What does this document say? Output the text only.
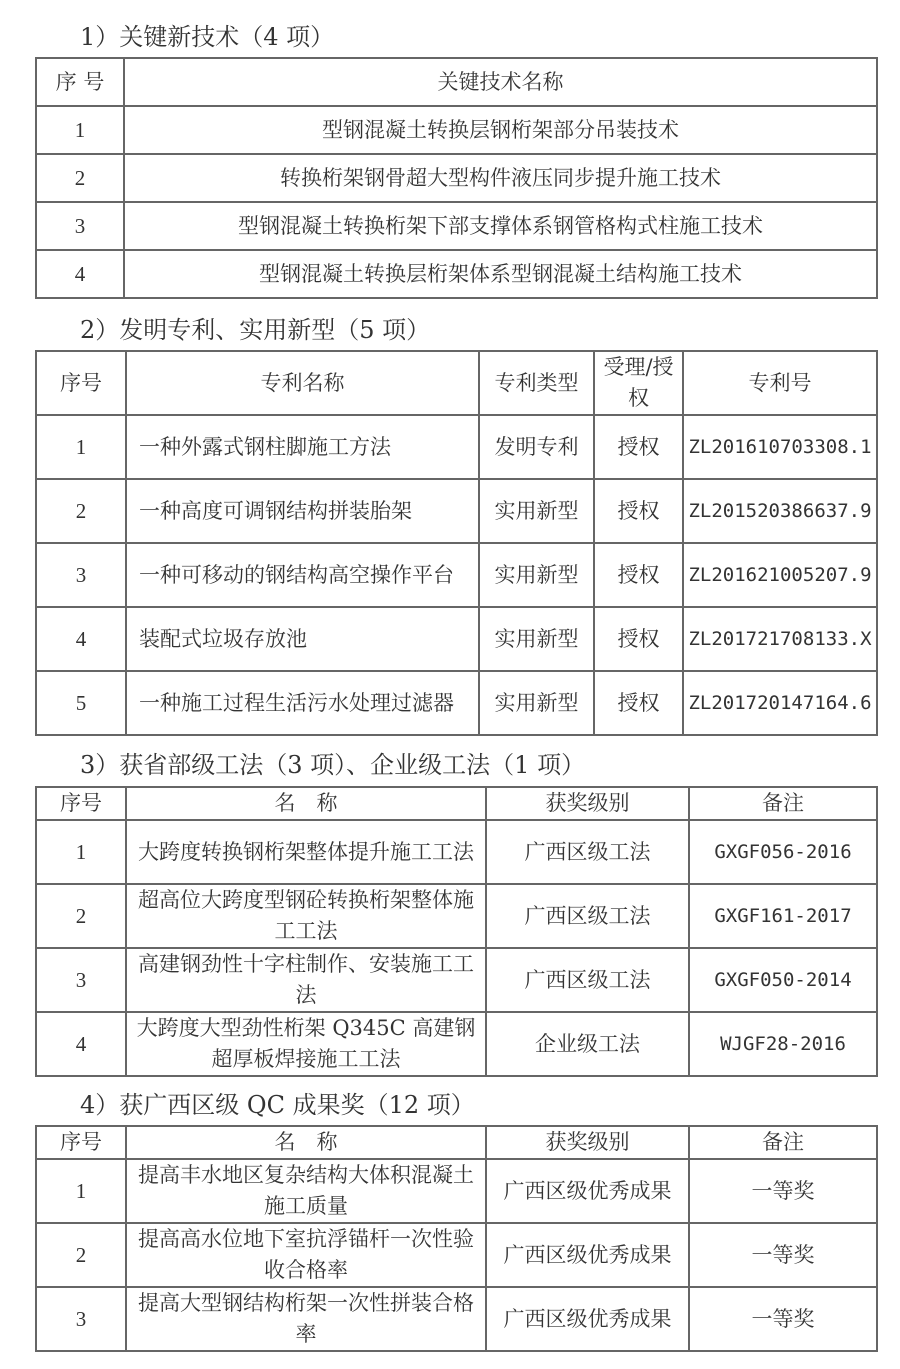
1）关键新技术（4 项）
序 号	关键技术名称
1	型钢混凝土转换层钢桁架部分吊装技术
2	转换桁架钢骨超大型构件液压同步提升施工技术
3	型钢混凝土转换桁架下部支撑体系钢管格构式柱施工技术
4	型钢混凝土转换层桁架体系型钢混凝土结构施工技术
2）发明专利、实用新型（5 项）
序号	专利名称	专利类型	受理/授权	专利号
1	一种外露式钢柱脚施工方法	发明专利	授权	ZL201610703308.1
2	一种高度可调钢结构拼装胎架	实用新型	授权	ZL201520386637.9
3	一种可移动的钢结构高空操作平台	实用新型	授权	ZL201621005207.9
4	装配式垃圾存放池	实用新型	授权	ZL201721708133.X
5	一种施工过程生活污水处理过滤器	实用新型	授权	ZL201720147164.6
3）获省部级工法（3 项）、企业级工法（1 项）
序号	名　称	获奖级别	备注
1	大跨度转换钢桁架整体提升施工工法	广西区级工法	GXGF056-2016
2	超高位大跨度型钢砼转换桁架整体施工工法	广西区级工法	GXGF161-2017
3	高建钢劲性十字柱制作、安装施工工法	广西区级工法	GXGF050-2014
4	大跨度大型劲性桁架 Q345C 高建钢超厚板焊接施工工法	企业级工法	WJGF28-2016
4）获广西区级 QC 成果奖（12 项）
序号	名　称	获奖级别	备注
1	提高丰水地区复杂结构大体积混凝土施工质量	广西区级优秀成果	一等奖
2	提高高水位地下室抗浮锚杆一次性验收合格率	广西区级优秀成果	一等奖
3	提高大型钢结构桁架一次性拼装合格率	广西区级优秀成果	一等奖
